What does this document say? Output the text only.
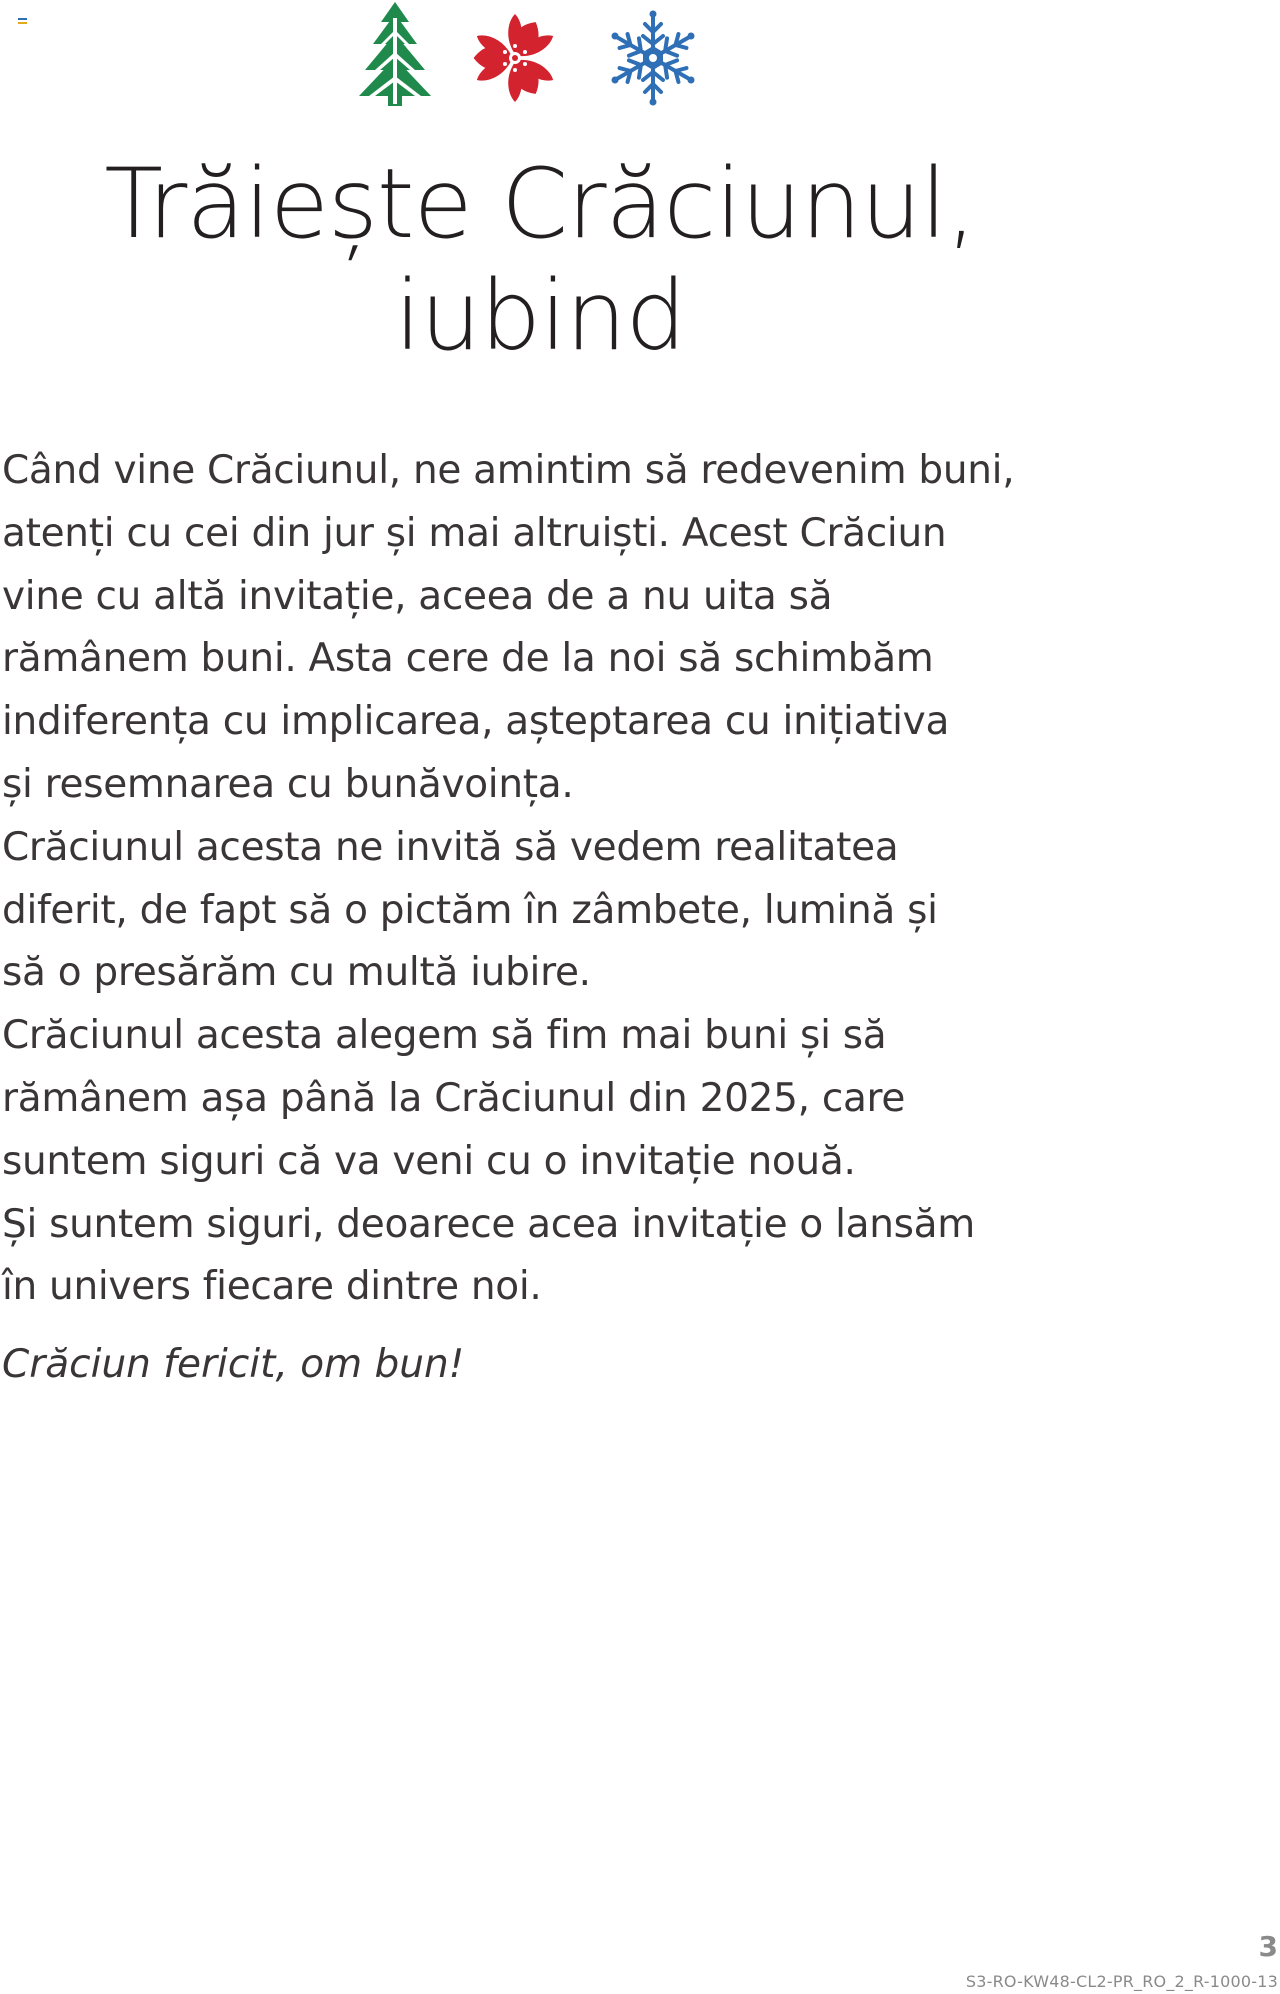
Trăiește Crăciunul,
iubind

Când vine Crăciunul, ne amintim să redevenim buni,

atenți cu cei din jur și mai altruiști. Acest Crăciun

vine cu altă invitație, aceea de a nu uita să

rămânem buni. Asta cere de la noi să schimbăm

indiferența cu implicarea, așteptarea cu inițiativa

și resemnarea cu bunăvoința.

Crăciunul acesta ne invită să vedem realitatea

diferit, de fapt să o pictăm în zâmbete, lumină și

să o presărăm cu multă iubire.

Crăciunul acesta alegem să fim mai buni și să

rămânem așa până la Crăciunul din 2025, care

suntem siguri că va veni cu o invitație nouă.

Și suntem siguri, deoarece acea invitație o lansăm

în univers fiecare dintre noi.

Crăciun fericit, om bun!

3
S3-RO-KW48-CL2-PR_RO_2_R-1000-13
